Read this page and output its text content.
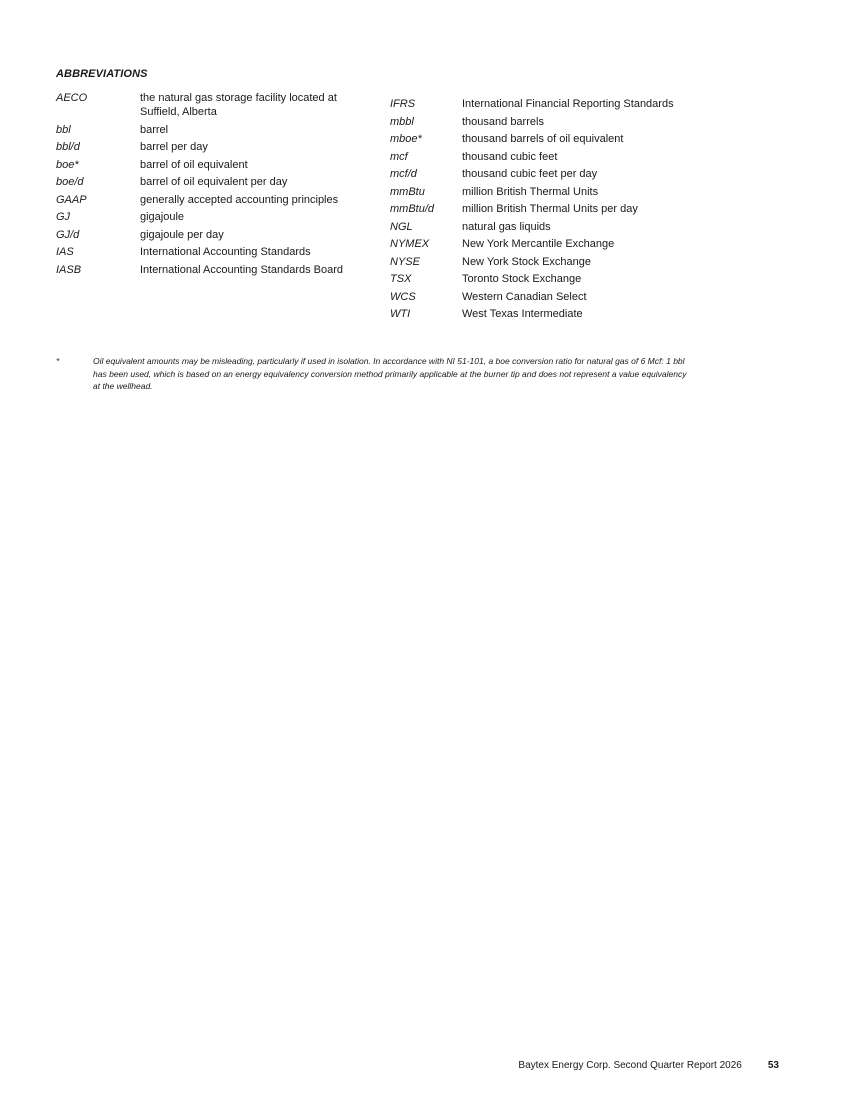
ABBREVIATIONS
AECO	the natural gas storage facility located at Suffield, Alberta
bbl	barrel
bbl/d	barrel per day
boe*	barrel of oil equivalent
boe/d	barrel of oil equivalent per day
GAAP	generally accepted accounting principles
GJ	gigajoule
GJ/d	gigajoule per day
IAS	International Accounting Standards
IASB	International Accounting Standards Board
IFRS	International Financial Reporting Standards
mbbl	thousand barrels
mboe*	thousand barrels of oil equivalent
mcf	thousand cubic feet
mcf/d	thousand cubic feet per day
mmBtu	million British Thermal Units
mmBtu/d	million British Thermal Units per day
NGL	natural gas liquids
NYMEX	New York Mercantile Exchange
NYSE	New York Stock Exchange
TSX	Toronto Stock Exchange
WCS	Western Canadian Select
WTI	West Texas Intermediate
*	Oil equivalent amounts may be misleading, particularly if used in isolation. In accordance with NI 51-101, a boe conversion ratio for natural gas of 6 Mcf: 1 bbl has been used, which is based on an energy equivalency conversion method primarily applicable at the burner tip and does not represent a value equivalency at the wellhead.
Baytex Energy Corp. Second Quarter Report 2026	53
